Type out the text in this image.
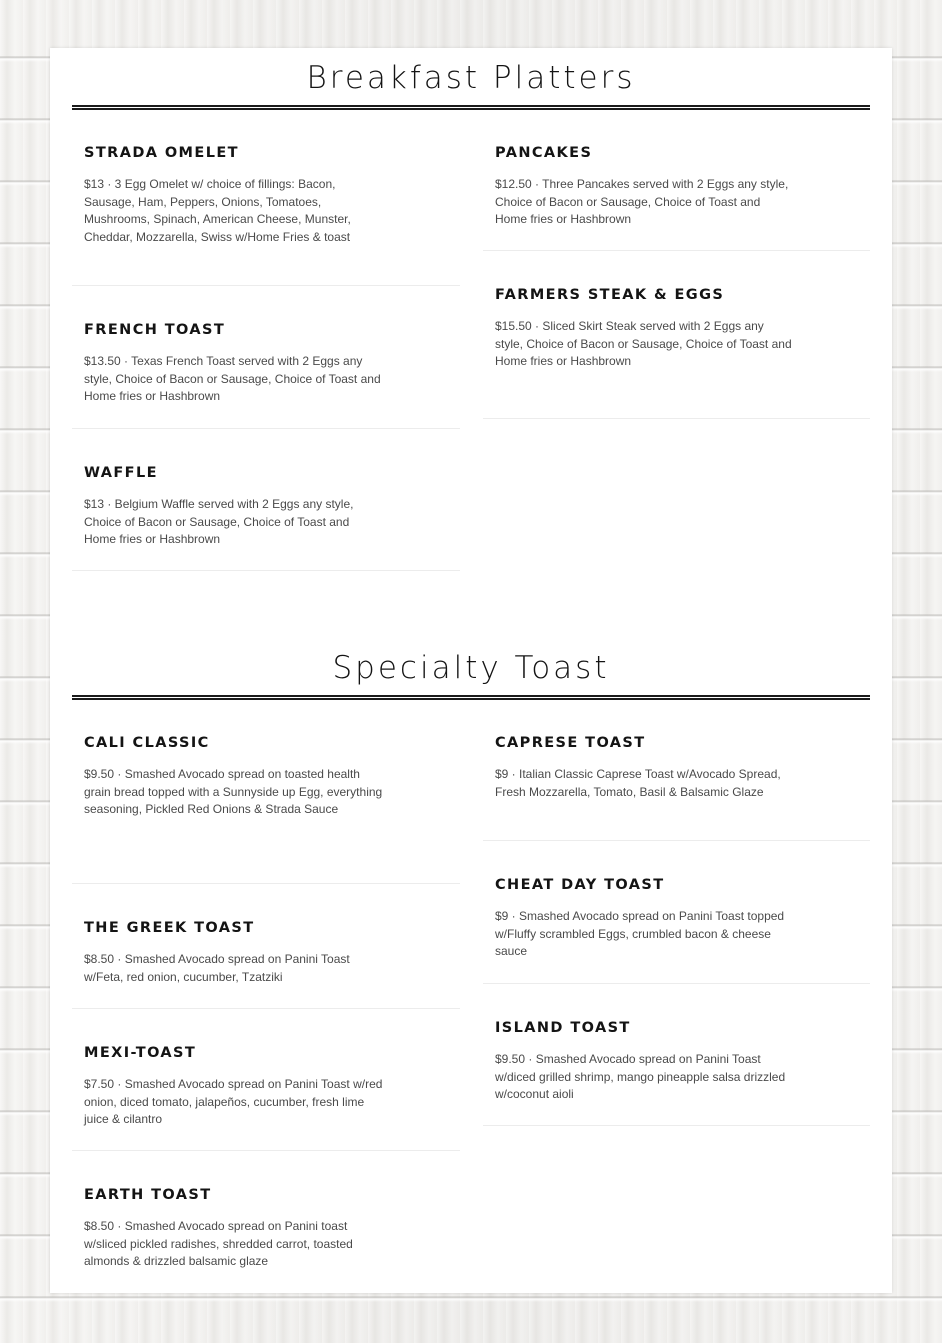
Breakfast Platters
STRADA OMELET

$13 · 3 Egg Omelet w/ choice of fillings: Bacon, Sausage, Ham, Peppers, Onions, Tomatoes, Mushrooms, Spinach, American Cheese, Munster, Cheddar, Mozzarella, Swiss w/Home Fries & toast

FRENCH TOAST

$13.50 · Texas French Toast served with 2 Eggs any style, Choice of Bacon or Sausage, Choice of Toast and Home fries or Hashbrown

WAFFLE

$13 · Belgium Waffle served with 2 Eggs any style, Choice of Bacon or Sausage, Choice of Toast and Home fries or Hashbrown

PANCAKES

$12.50 · Three Pancakes served with 2 Eggs any style, Choice of Bacon or Sausage, Choice of Toast and Home fries or Hashbrown

FARMERS STEAK & EGGS

$15.50 · Sliced Skirt Steak served with 2 Eggs any style, Choice of Bacon or Sausage, Choice of Toast and Home fries or Hashbrown

Specialty Toast
CALI CLASSIC

$9.50 · Smashed Avocado spread on toasted health grain bread topped with a Sunnyside up Egg, everything seasoning, Pickled Red Onions & Strada Sauce

THE GREEK TOAST

$8.50 · Smashed Avocado spread on Panini Toast w/Feta, red onion, cucumber, Tzatziki

MEXI-TOAST

$7.50 · Smashed Avocado spread on Panini Toast w/red onion, diced tomato, jalapeños, cucumber, fresh lime juice & cilantro

EARTH TOAST

$8.50 · Smashed Avocado spread on Panini toast w/sliced pickled radishes, shredded carrot, toasted almonds & drizzled balsamic glaze

CAPRESE TOAST

$9 · Italian Classic Caprese Toast w/Avocado Spread, Fresh Mozzarella, Tomato, Basil & Balsamic Glaze

CHEAT DAY TOAST

$9 · Smashed Avocado spread on Panini Toast topped w/Fluffy scrambled Eggs, crumbled bacon & cheese sauce

ISLAND TOAST

$9.50 · Smashed Avocado spread on Panini Toast w/diced grilled shrimp, mango pineapple salsa drizzled w/coconut aioli
